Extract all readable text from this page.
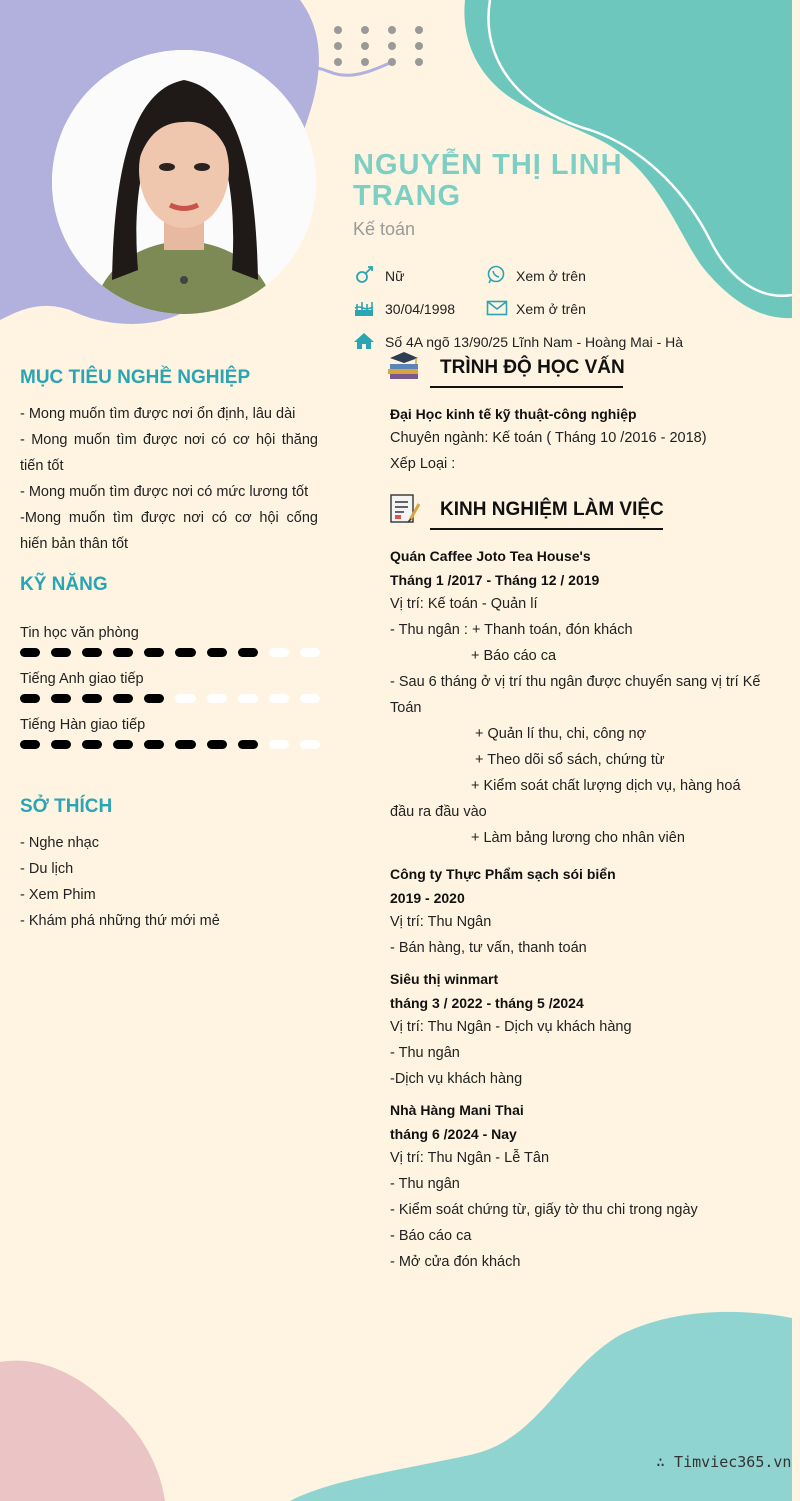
NGUYỄN THỊ LINH TRANG
Kế toán
Nữ	Xem ở trên
30/04/1998	Xem ở trên
Số 4A ngõ 13/90/25 Lĩnh Nam - Hoàng Mai - Hà
MỤC TIÊU NGHỀ NGHIỆP
- Mong muốn tìm được nơi ổn định, lâu dài
- Mong muốn tìm được nơi có cơ hội thăng tiến tốt
- Mong muốn tìm được nơi có mức lương tốt
-Mong muốn tìm được nơi có cơ hội cống hiến bản thân tốt
KỸ NĂNG
Tin học văn phòng
Tiếng Anh giao tiếp
Tiếng Hàn giao tiếp
SỞ THÍCH
- Nghe nhạc
- Du lịch
- Xem Phim
- Khám phá những thứ mới mẻ
TRÌNH ĐỘ HỌC VẤN
Đại Học kinh tế kỹ thuật-công nghiệp
Chuyên ngành: Kế toán ( Tháng 10 /2016 - 2018)
Xếp Loại :
KINH NGHIỆM LÀM VIỆC
Quán Caffee Joto Tea House's
Tháng 1 /2017 - Tháng 12 / 2019
Vị trí: Kế toán - Quản lí
- Thu ngân : + Thanh toán, đón khách
+ Báo cáo ca
- Sau 6 tháng ở vị trí thu ngân được chuyển sang vị trí Kế
Toán
+ Quản lí thu, chi, công nợ
+ Theo dõi sổ sách, chứng từ
+ Kiểm soát chất lượng dịch vụ, hàng hoá
đầu ra đầu vào
+ Làm bảng lương cho nhân viên
Công ty Thực Phẩm sạch sói biển
2019 - 2020
Vị trí: Thu Ngân
- Bán hàng, tư vấn, thanh toán
Siêu thị winmart
tháng 3 / 2022 - tháng 5 /2024
Vị trí: Thu Ngân - Dịch vụ khách hàng
- Thu ngân
-Dịch vụ khách hàng
Nhà Hàng Mani Thai
tháng 6 /2024 - Nay
Vị trí: Thu Ngân - Lễ Tân
- Thu ngân
- Kiểm soát chứng từ, giấy tờ thu chi trong ngày
- Báo cáo ca
- Mở cửa đón khách
∴ Timviec365.vn
